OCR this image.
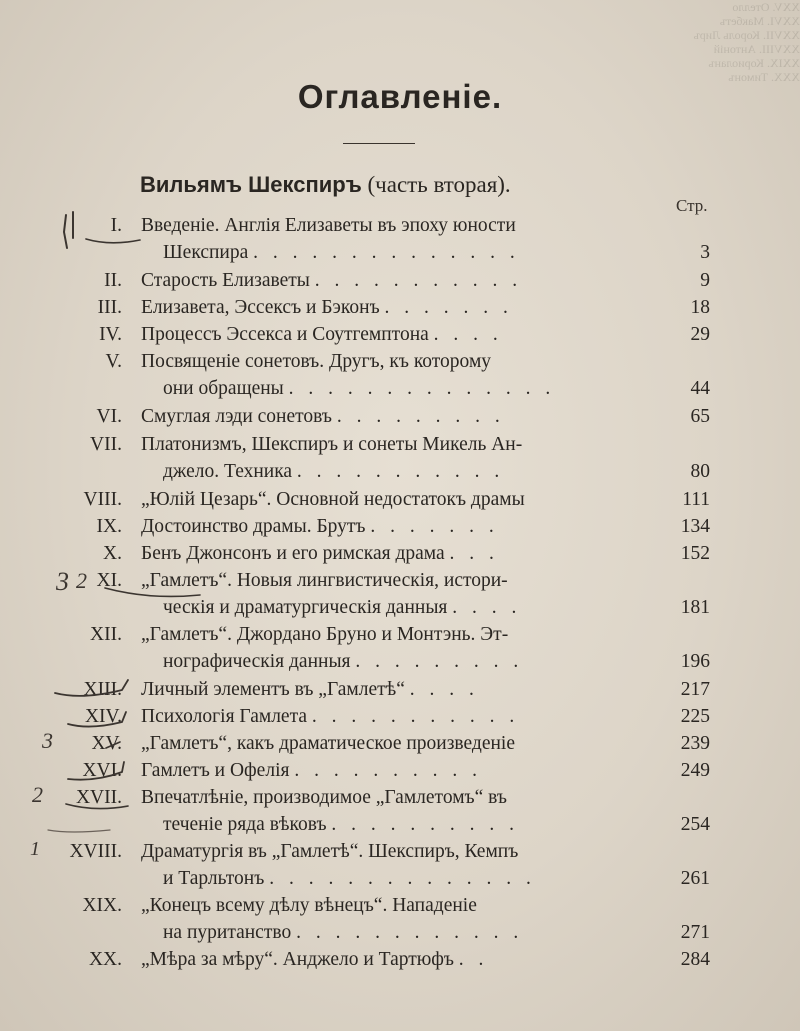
XXV. Отелло
XXVI. Макбетъ
XXVII. Король Лиръ
XXVIII. Антоній
XXIX. Кориоланъ
XXX. Тимонъ
Оглавленіе.
Вильямъ Шекспиръ (часть вторая).
Стр.
I. Введеніе. Англія Елизаветы въ эпоху юности
Шекспира . . . . . . . . . . . . . .	3
II. Старость Елизаветы . . . . . . . . . . .	9
III. Елизавета, Эссексъ и Бэконъ . . . . . . .	18
IV. Процессъ Эссекса и Соутгемптона . . . .	29
V. Посвященіе сонетовъ. Другъ, къ которому
они обращены . . . . . . . . . . . . . .	44
VI. Смуглая лэди сонетовъ . . . . . . . . .	65
VII. Платонизмъ, Шекспиръ и сонеты Микель Ан-
джело. Техника . . . . . . . . . . .	80
VIII. „Юлій Цезарь“. Основной недостатокъ драмы	111
IX. Достоинство драмы. Брутъ . . . . . . .	134
X. Бенъ Джонсонъ и его римская драма . . .	152
XI. „Гамлетъ“. Новыя лингвистическія, истори-
ческія и драматургическія данныя . . . .	181
XII. „Гамлетъ“. Джордано Бруно и Монтэнь. Эт-
нографическія данныя . . . . . . . . .	196
XIII. Личный элементъ въ „Гамлетѣ“ . . . .	217
XIV. Психологія Гамлета . . . . . . . . . . .	225
XV. „Гамлетъ“, какъ драматическое произведеніе	239
XVI. Гамлетъ и Офелія . . . . . . . . . .	249
XVII. Впечатлѣніе, производимое „Гамлетомъ“ въ
теченіе ряда вѣковъ . . . . . . . . . .	254
XVIII. Драматургія въ „Гамлетѣ“. Шекспиръ, Кемпъ
и Тарльтонъ . . . . . . . . . . . . . .	261
XIX. „Конецъ всему дѣлу вѣнецъ“. Нападеніе
на пуританство . . . . . . . . . . . .	271
XX. „Мѣра за мѣру“. Анджело и Тартюфъ . .	284
3 2
3
2
1
